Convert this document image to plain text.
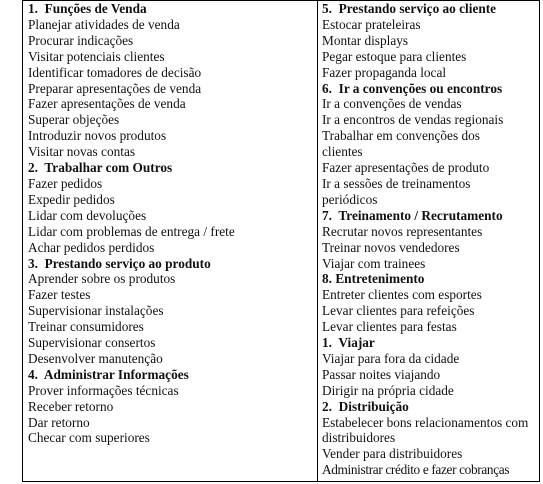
1. Funções de Venda
Planejar atividades de venda
Procurar indicações
Visitar potenciais clientes
Identificar tomadores de decisão
Preparar apresentações de venda
Fazer apresentações de venda
Superar objeções
Introduzir novos produtos
Visitar novas contas
2. Trabalhar com Outros
Fazer pedidos
Expedir pedidos
Lidar com devoluções
Lidar com problemas de entrega / frete
Achar pedidos perdidos
3. Prestando serviço ao produto
Aprender sobre os produtos
Fazer testes
Supervisionar instalações
Treinar consumidores
Supervisionar consertos
Desenvolver manutenção
4. Administrar Informações
Prover informações técnicas
Receber retorno
Dar retorno
Checar com superiores
5. Prestando serviço ao cliente
Estocar prateleiras
Montar displays
Pegar estoque para clientes
Fazer propaganda local
6. Ir a convenções ou encontros
Ir a convenções de vendas
Ir a encontros de vendas regionais
Trabalhar em convenções dos clientes
Fazer apresentações de produto
Ir a sessões de treinamentos periódicos
7. Treinamento / Recrutamento
Recrutar novos representantes
Treinar novos vendedores
Viajar com trainees
8. Entretenimento
Entreter clientes com esportes
Levar clientes para refeições
Levar clientes para festas
1. Viajar
Viajar para fora da cidade
Passar noites viajando
Dirigir na própria cidade
2. Distribuição
Estabelecer bons relacionamentos com distribuidores
Vender para distribuidores
Administrar crédito e fazer cobranças
